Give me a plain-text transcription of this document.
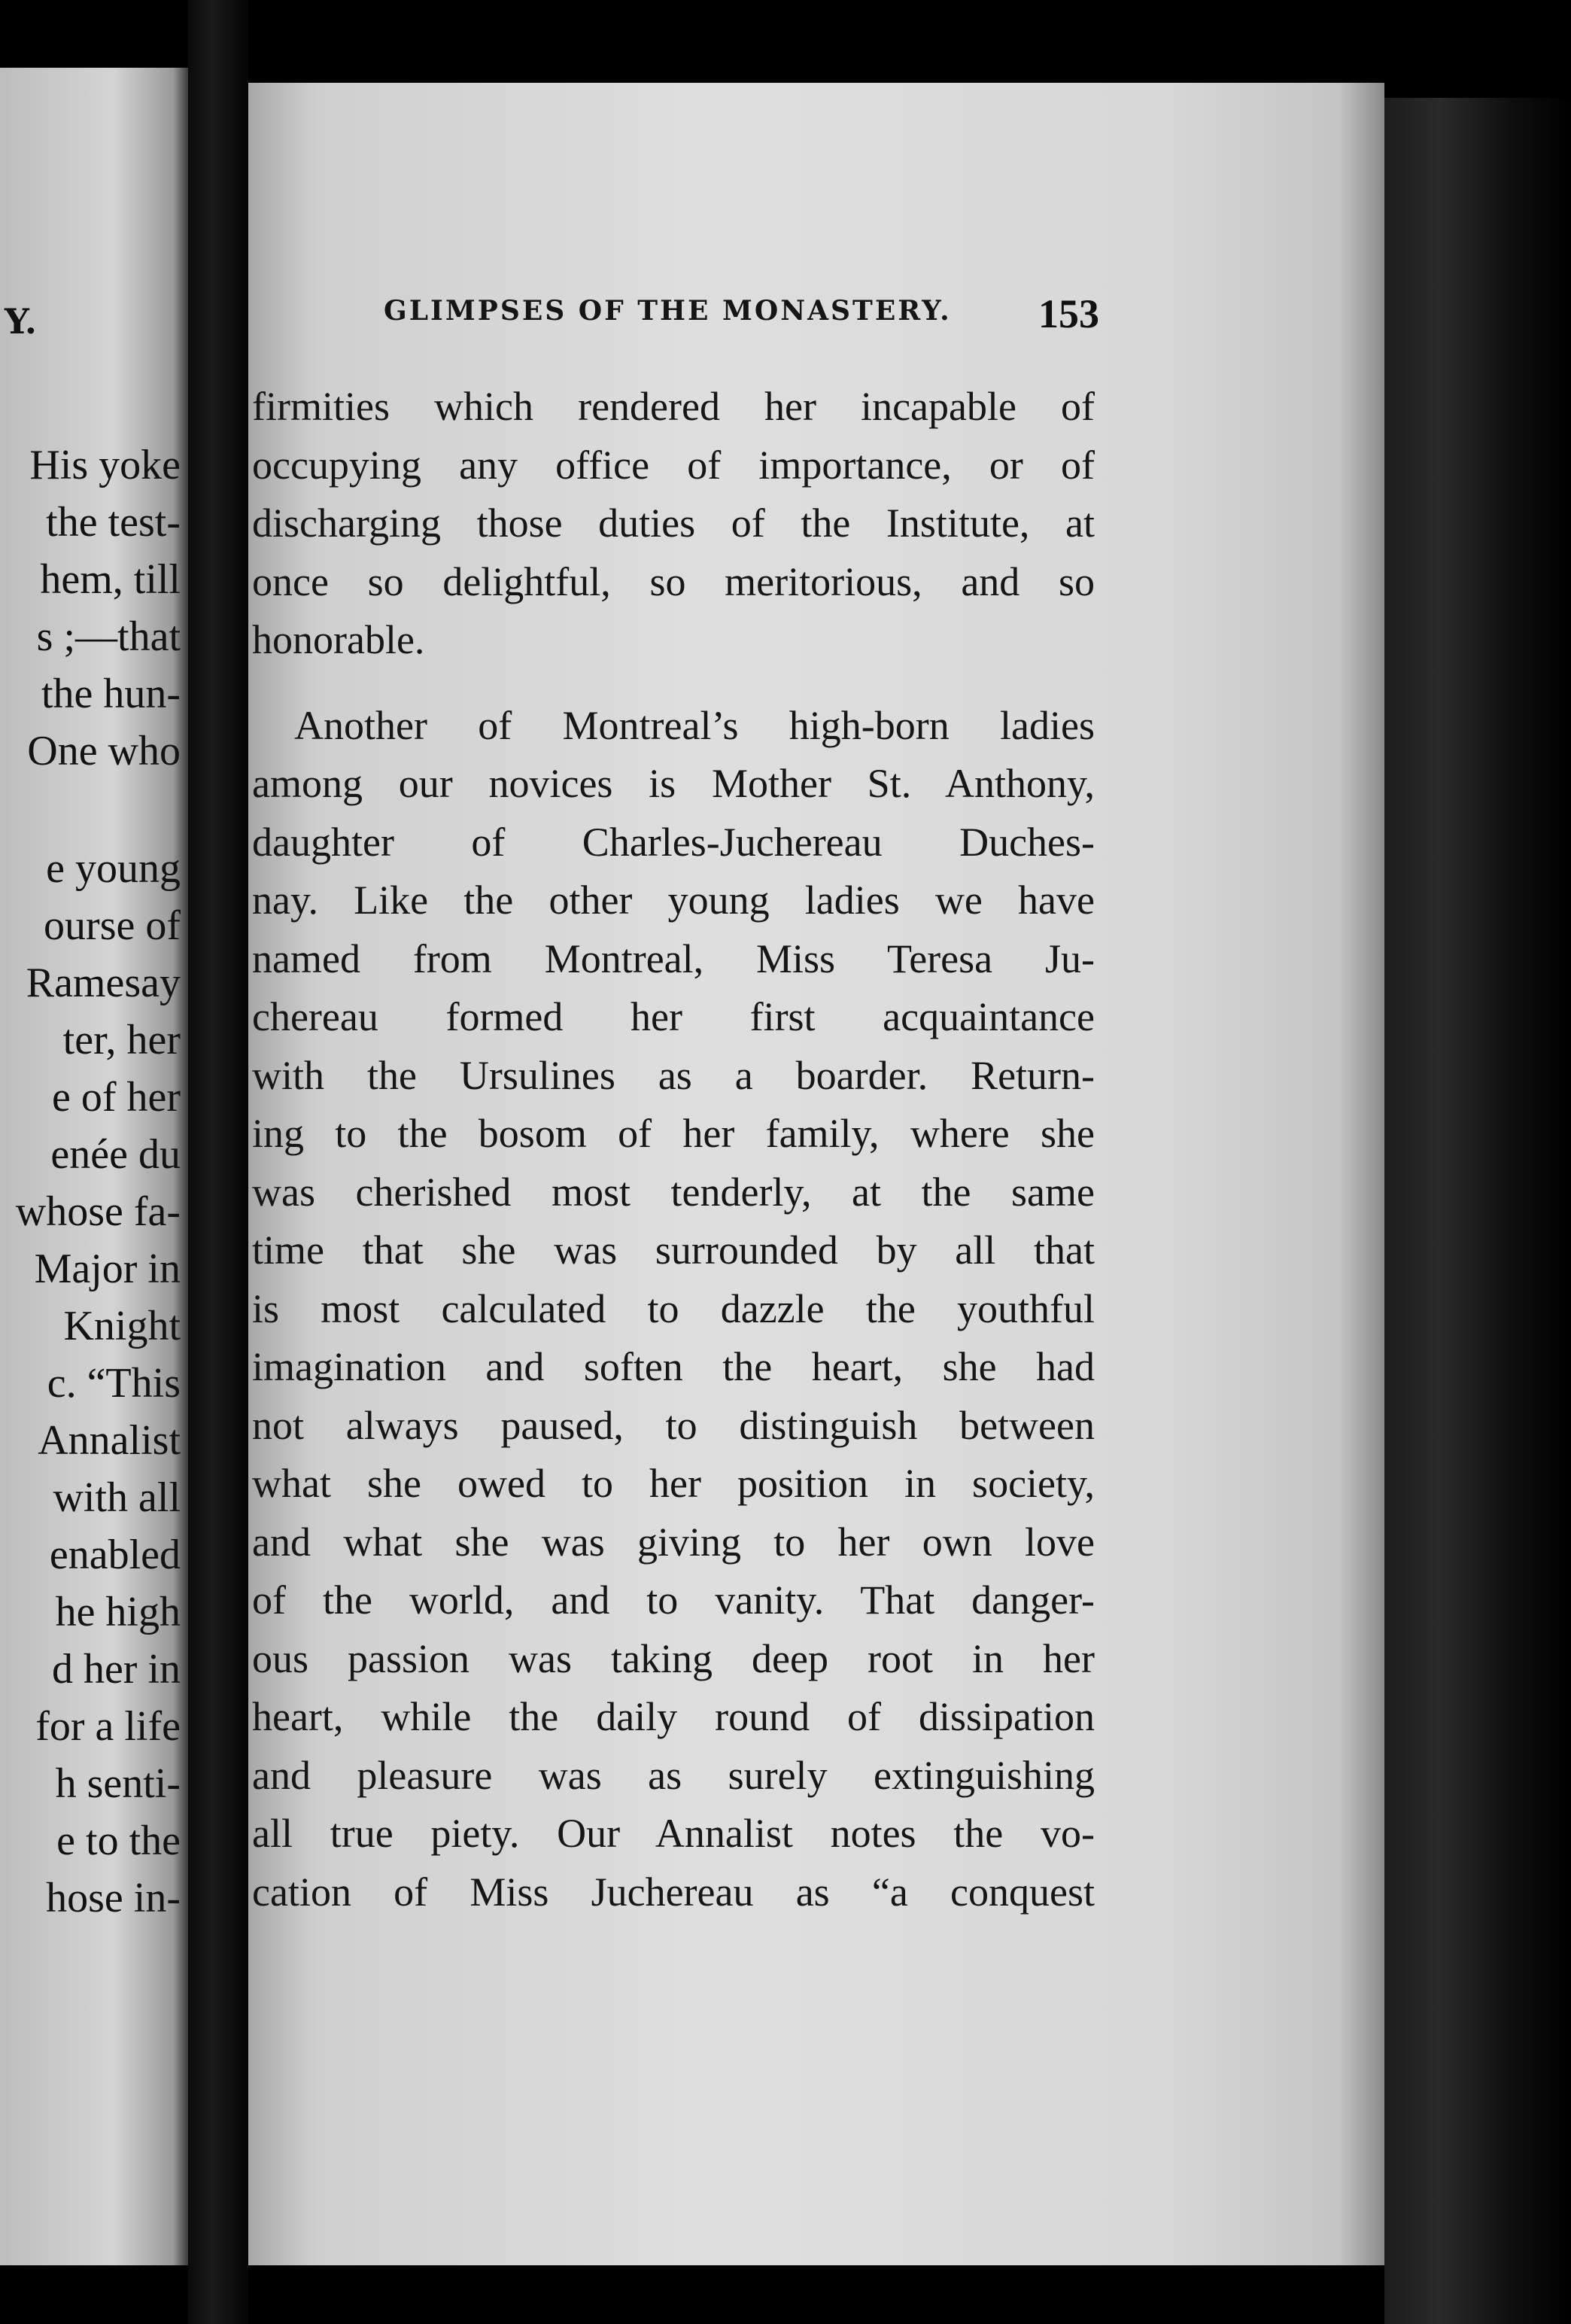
Y.
His yoke
the test-
hem, till
s ;—that
the hun-
One who
e young
ourse of
Ramesay
ter, her
e of her
enée du
whose fa-
Major in
Knight
c. “This
Annalist
with all
enabled
he high
d her in
for a life
h senti-
e to the
hose in-
GLIMPSES OF THE MONASTERY.	153
firmities which rendered her incapable of
occupying any office of importance, or of
discharging those duties of the Institute, at
once so delightful, so meritorious, and so
honorable.
Another of Montreal’s high-born ladies
among our novices is Mother St. Anthony,
daughter of Charles-Juchereau Duches-
nay. Like the other young ladies we have
named from Montreal, Miss Teresa Ju-
chereau formed her first acquaintance
with the Ursulines as a boarder. Return-
ing to the bosom of her family, where she
was cherished most tenderly, at the same
time that she was surrounded by all that
is most calculated to dazzle the youthful
imagination and soften the heart, she had
not always paused, to distinguish between
what she owed to her position in society,
and what she was giving to her own love
of the world, and to vanity. That danger-
ous passion was taking deep root in her
heart, while the daily round of dissipation
and pleasure was as surely extinguishing
all true piety. Our Annalist notes the vo-
cation of Miss Juchereau as “a conquest
